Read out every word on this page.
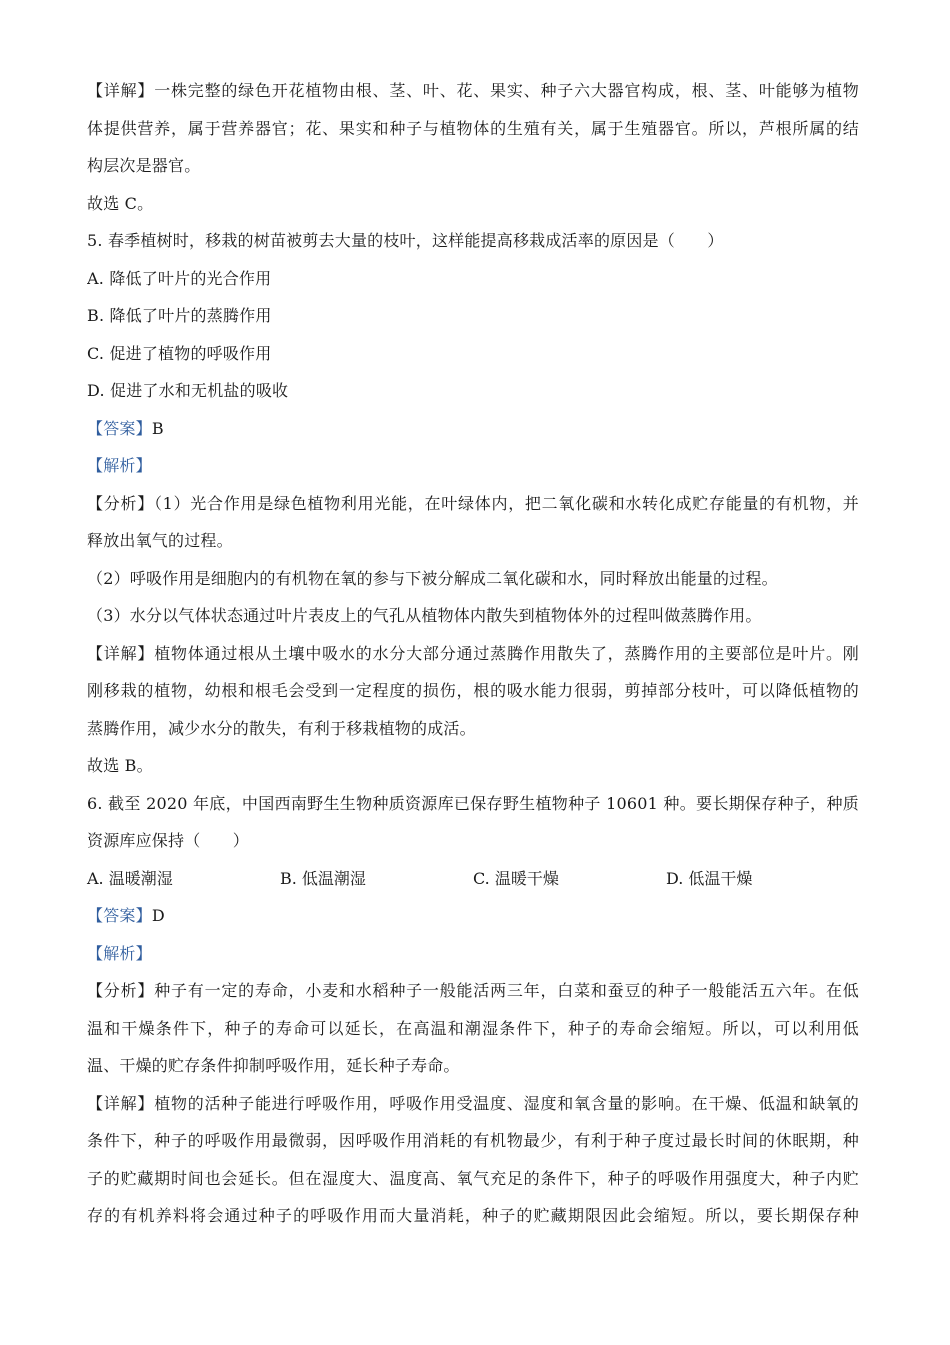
【详解】一株完整的绿色开花植物由根、茎、叶、花、果实、种子六大器官构成，根、茎、叶能够为植物
体提供营养，属于营养器官；花、果实和种子与植物体的生殖有关，属于生殖器官。所以，芦根所属的结
构层次是器官。
故选 C。
5. 春季植树时，移栽的树苗被剪去大量的枝叶，这样能提高移栽成活率的原因是（　　）
A. 降低了叶片的光合作用
B. 降低了叶片的蒸腾作用
C. 促进了植物的呼吸作用
D. 促进了水和无机盐的吸收
【答案】B
【解析】
【分析】（1）光合作用是绿色植物利用光能，在叶绿体内，把二氧化碳和水转化成贮存能量的有机物，并
释放出氧气的过程。
（2）呼吸作用是细胞内的有机物在氧的参与下被分解成二氧化碳和水，同时释放出能量的过程。
（3）水分以气体状态通过叶片表皮上的气孔从植物体内散失到植物体外的过程叫做蒸腾作用。
【详解】植物体通过根从土壤中吸水的水分大部分通过蒸腾作用散失了，蒸腾作用的主要部位是叶片。刚
刚移栽的植物，幼根和根毛会受到一定程度的损伤，根的吸水能力很弱，剪掉部分枝叶，可以降低植物的
蒸腾作用，减少水分的散失，有利于移栽植物的成活。
故选 B。
6. 截至 2020 年底，中国西南野生生物种质资源库已保存野生植物种子 10601 种。要长期保存种子，种质
资源库应保持（　　）
A. 温暖潮湿	B. 低温潮湿	C. 温暖干燥	D. 低温干燥
【答案】D
【解析】
【分析】种子有一定的寿命，小麦和水稻种子一般能活两三年，白菜和蚕豆的种子一般能活五六年。在低
温和干燥条件下，种子的寿命可以延长，在高温和潮湿条件下，种子的寿命会缩短。所以，可以利用低
温、干燥的贮存条件抑制呼吸作用，延长种子寿命。
【详解】植物的活种子能进行呼吸作用，呼吸作用受温度、湿度和氧含量的影响。在干燥、低温和缺氧的
条件下，种子的呼吸作用最微弱，因呼吸作用消耗的有机物最少，有利于种子度过最长时间的休眠期，种
子的贮藏期时间也会延长。但在湿度大、温度高、氧气充足的条件下，种子的呼吸作用强度大，种子内贮
存的有机养料将会通过种子的呼吸作用而大量消耗，种子的贮藏期限因此会缩短。所以，要长期保存种
